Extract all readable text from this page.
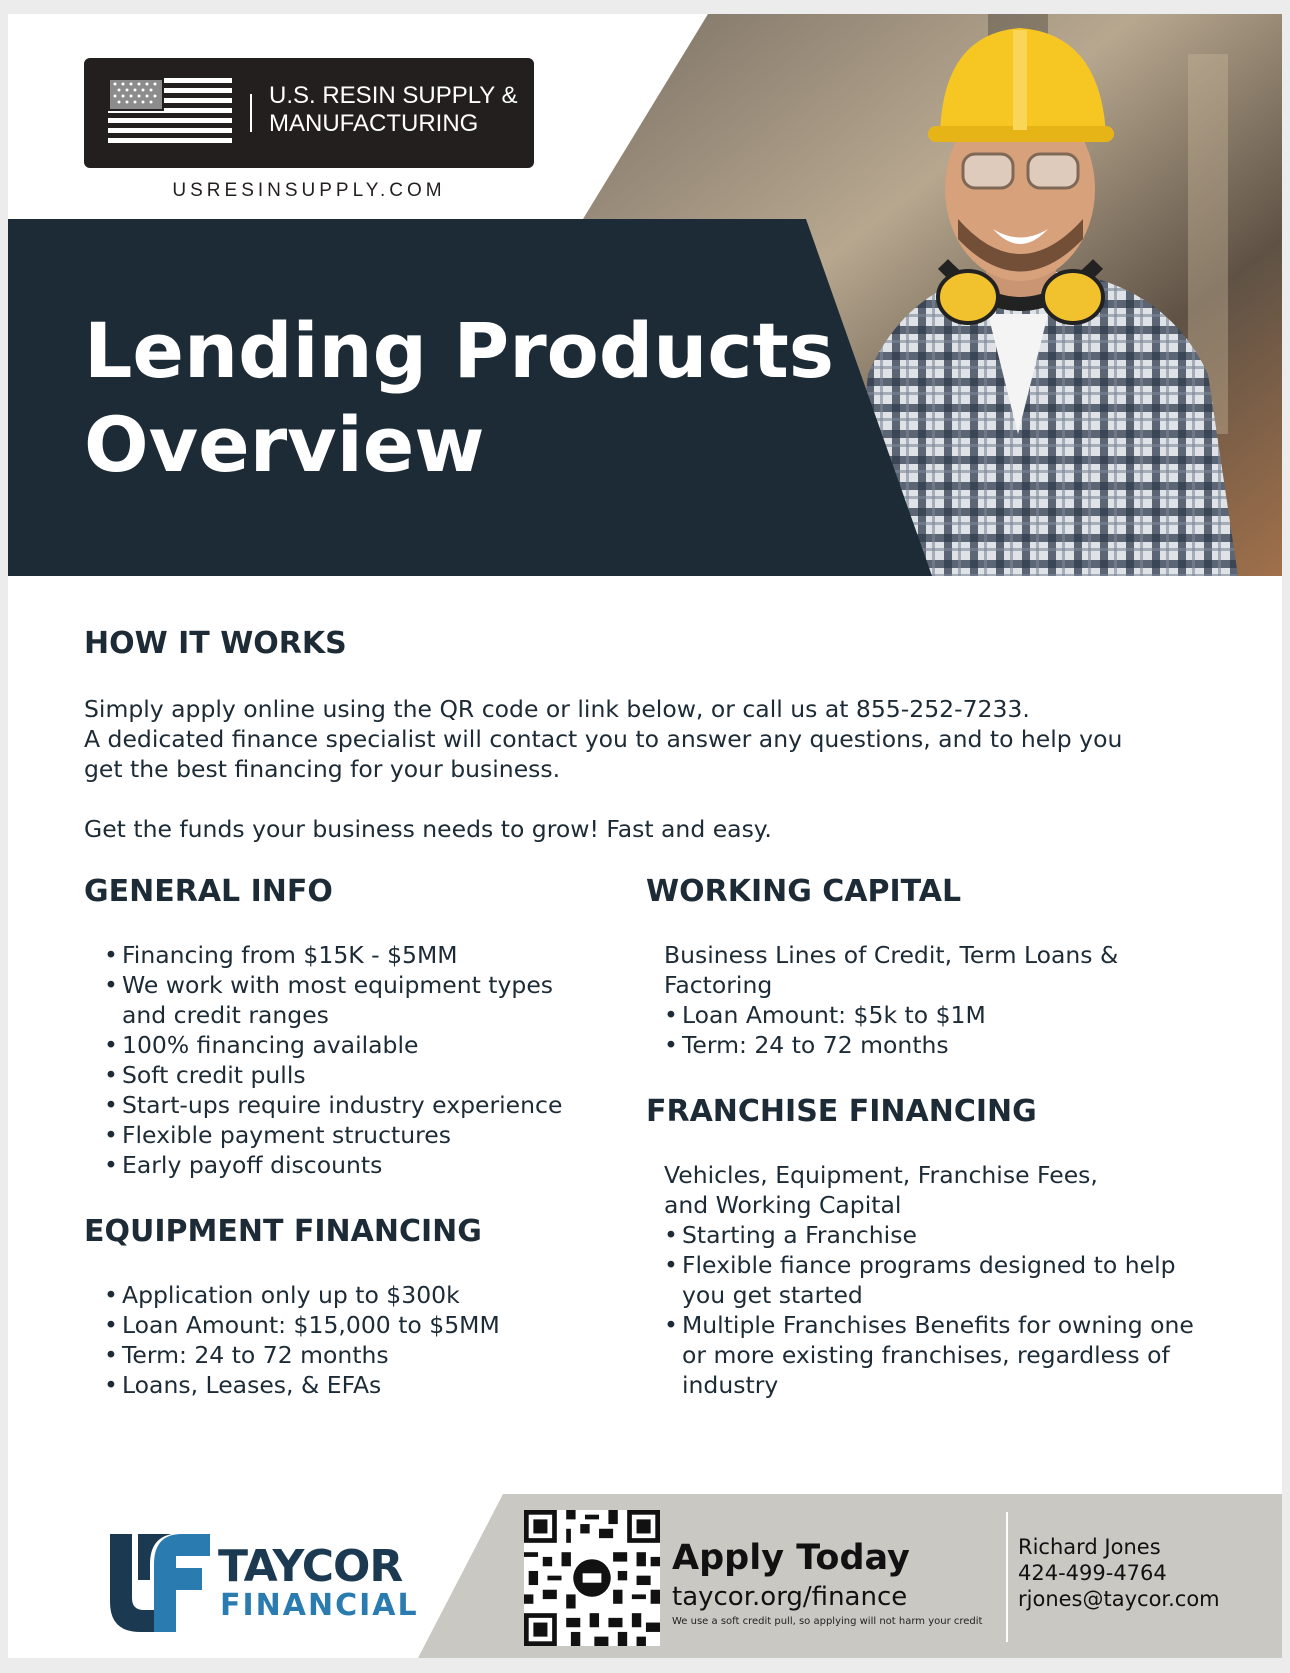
U.S. RESIN SUPPLY &
MANUFACTURING
USRESINSUPPLY.COM
Lending Products
Overview
HOW IT WORKS
Simply apply online using the QR code or link below, or call us at 855-252-7233.
A dedicated finance specialist will contact you to answer any questions, and to help you
get the best financing for your business.
Get the funds your business needs to grow! Fast and easy.
GENERAL INFO
• Financing from $15K - $5MM
• We work with most equipment types and credit ranges
• 100% financing available
• Soft credit pulls
• Start-ups require industry experience
• Flexible payment structures
• Early payoff discounts
EQUIPMENT FINANCING
• Application only up to $300k
• Loan Amount: $15,000 to $5MM
• Term: 24 to 72 months
• Loans, Leases, & EFAs
WORKING CAPITAL
Business Lines of Credit, Term Loans & Factoring
• Loan Amount: $5k to $1M
• Term: 24 to 72 months
FRANCHISE FINANCING
Vehicles, Equipment, Franchise Fees, and Working Capital
• Starting a Franchise
• Flexible fiance programs designed to help you get started
• Multiple Franchises Benefits for owning one or more existing franchises, regardless of industry
TAYCOR
FINANCIAL
Apply Today
taycor.org/finance
We use a soft credit pull, so applying will not harm your credit
Richard Jones
424-499-4764
rjones@taycor.com
